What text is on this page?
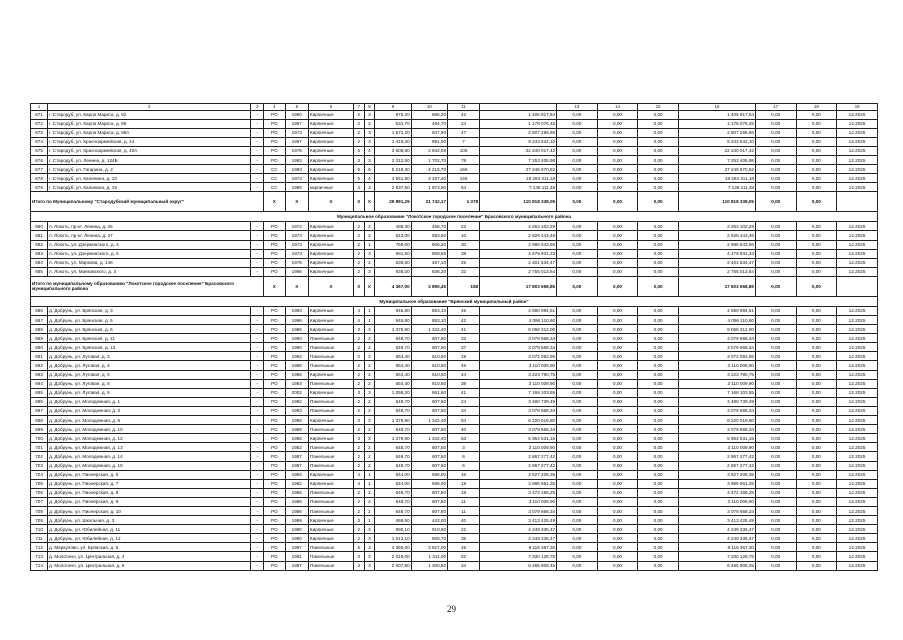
1	2	3	4	5	6	7	8	9	10	11		13	14	15	16	17	18	19
671	г. Стародуб, ул. Карла Маркса, д. 92	-	РО	1980	Кирпичные	2	3	976,20	886,20	42	1 406 917,64	0,00	0,00	0,00	1 406 917,64	0,00	0,00	12.2025
672	г. Стародуб, ул. Карла Маркса, д. 96	-	РО	1967	Кирпичные	2	2	531,70	494,70	24	1 178 076,45	0,00	0,00	0,00	1 178 076,45	0,00	0,00	12.2025
673	г. Стародуб, ул. Карла Маркса, д. 98А	-	РО	1973	Кирпичные	2	3	1 572,20	847,90	47	2 807 286,66	0,00	0,00	0,00	2 807 286,66	0,00	0,00	12.2025
674	г. Стародуб, ул. Красноармейская, д. 24	-	РО	1967	Кирпичные	2	3	1 419,20	891,00	7	9 243 642,10	0,00	0,00	0,00	9 243 642,10	0,00	0,00	12.2025
675	г. Стародуб, ул. Красноармейская, д. 40А	-	РО	1975	Кирпичные	5	4	3 508,80	2 842,08	105	22 240 017,42	0,00	0,00	0,00	22 240 017,42	0,00	0,00	12.2025
676	г. Стародуб, ул. Ленина, д. 124Б	-	РО	1993	Кирпичные	3	3	2 312,50	1 702,70	78	7 253 405,98	0,00	0,00	0,00	7 253 405,98	0,00	0,00	12.2025
677	г. Стародуб, ул. Гагарина, д. 2	-	СС	1993	Кирпичные	5	6	5 218,30	4 215,70	166	27 246 970,52	0,00	0,00	0,00	27 246 970,52	0,00	0,00	12.2025
678	г. Стародуб, ул. Калинина, д. 10	-	СС	1973	Кирпичные	5	4	4 551,90	3 337,40	148	18 284 311,18	0,00	0,00	0,00	18 284 311,18	0,00	0,00	12.2025
679	г. Стародуб, ул. Калинина, д. 19	-	СС	1986	кирпичные	4	3	2 537,50	1 973,50	84	7 135 111,48	0,00	0,00	0,00	7 135 111,48	0,00	0,00	12.2025
Итого по Муниципальному "Стародубский муниципальный округ"			Х	Х	Х	Х	Х	29 891,29	21 742,17	1 378	110 818 338,05	0,00	0,00	0,00	110 818 338,05	0,00	0,00	
Муниципальное образование "Локотское городское поселение" Брасовского муниципального района																		
680	п. Локоть, пр-кт. Ленина, д. 25	-	РО	1972	Кирпичные	2	2	498,30	468,70	23	2 252 102,29	0,00	0,00	0,00	2 252 102,29	0,00	0,00	12.2025
681	п. Локоть, пр-кт. Ленина, д. 27	-	РО	1973	Кирпичные	2	2	643,00	593,50	10	2 926 443,46	0,00	0,00	0,00	2 926 443,46	0,00	0,00	12.2025
682	п. Локоть, ул. Дзержинского, д. 4	-	РО	1973	Кирпичные	2	1	759,00	606,30	30	2 986 643,66	0,00	0,00	0,00	2 986 643,66	0,00	0,00	12.2025
683	п. Локоть, ул. Дзержинского, д. 5	-	РО	1973	Кирпичные	2	3	991,50	908,65	38	4 479 931,33	0,00	0,00	0,00	4 479 931,33	0,00	0,00	12.2025
684	п. Локоть, ул. Маркова, д. 148	-	РО	1975	Кирпичные	2	2	539,50	487,10	25	2 401 534,47	0,00	0,00	0,00	2 401 534,47	0,00	0,00	12.2025
685	п. Локоть, ул. Маяковского, д. 3	-	РО	1986	Кирпичные	2	3	935,00	836,20	32	2 755 013,64	0,00	0,00	0,00	2 755 013,64	0,00	0,00	12.2025
Итого по муниципальному образованию "Локотское городское поселение" Брасовского муниципального района			Х	Х	Х	Х	Х	4 367,00	3 890,45	158	17 803 668,85	0,00	0,00	0,00	17 803 668,85	0,00	0,00	
Муниципальное образование "Брянский муниципальный район"																		
686	д. Добрунь, ул. Брянская, д. 3	-	РО	1993	Кирпичные	4	1	945,80	853,10	45	4 680 994,51	0,00	0,00	0,00	4 680 994,51	0,00	0,00	12.2025
687	д. Добрунь, ул. Брянская, д. 5	-	РО	1996	Кирпичные	4	1	945,80	853,10	42	4 096 110,60	0,00	0,00	0,00	4 096 110,60	0,00	0,00	12.2025
688	д. Добрунь, ул. Брянская, д. 6	-	РО	1986	Кирпичные	3	3	1 379,90	1 342,40	41	6 068 312,00	0,00	0,00	0,00	6 068 312,00	0,00	0,00	12.2025
689	д. Добрунь, ул. Брянская, д. 11	-	РО	1990	Панельные	2	2	648,70	607,50	33	3 079 668,34	0,00	0,00	0,00	3 079 668,34	0,00	0,00	12.2025
690	д. Добрунь, ул. Брянская, д. 13	-	РО	1990	Панельные	2	2	648,70	607,50	37	3 079 668,34	0,00	0,00	0,00	3 079 668,34	0,00	0,00	12.2025
691	д. Добрунь, ул. Луговая, д. 3	-	РО	1994	Панельные	2	2	654,40	610,50	19	3 072 082,95	0,00	0,00	0,00	3 072 082,95	0,00	0,00	12.2025
692	д. Добрунь, ул. Луговая, д. 4	-	РО	1988	Панельные	2	2	654,40	610,50	45	3 110 009,90	0,00	0,00	0,00	3 110 009,90	0,00	0,00	12.2025
693	д. Добрунь, ул. Луговая, д. 5	-	РО	1996	Кирпичные	2	2	654,40	610,50	44	3 223 790,75	0,00	0,00	0,00	3 223 790,75	0,00	0,00	12.2025
694	д. Добрунь, ул. Луговая, д. 6	-	РО	1993	Панельные	2	2	654,40	610,50	38	3 110 009,90	0,00	0,00	0,00	3 110 009,90	0,00	0,00	12.2025
695	д. Добрунь, ул. Луговая, д. 9	-	РО	2002	Кирпичные	3	3	1 058,20	961,60	41	7 168 103,55	0,00	0,00	0,00	7 168 103,55	0,00	0,00	12.2025
696	д. Добрунь, ул. Молодежная, д. 1	-	РО	1982	Панельные	2	2	648,70	607,50	24	3 480 739,49	0,00	0,00	0,00	3 480 739,49	0,00	0,00	12.2025
697	д. Добрунь, ул. Молодежная, д. 3	-	РО	1983	Панельные	2	2	648,70	607,50	34	3 079 668,34	0,00	0,00	0,00	3 079 668,34	0,00	0,00	12.2025
698	д. Добрунь, ул. Молодежная, д. 8	-	РО	1988	Кирпичные	3	3	1 379,90	1 342,40	84	6 220 019,80	0,00	0,00	0,00	6 220 019,80	0,00	0,00	12.2025
699	д. Добрунь, ул. Молодежная, д. 10	-	РО	1989	Панельные	2	2	648,70	607,50	40	3 079 668,34	0,00	0,00	0,00	3 079 668,34	0,00	0,00	12.2025
700	д. Добрунь, ул. Молодежная, д. 12	-	РО	1988	Кирпичные	3	3	1 379,90	1 342,40	63	5 954 531,15	0,00	0,00	0,00	5 954 531,15	0,00	0,00	12.2025
701	д. Добрунь, ул. Молодежная, д. 13	-	РО	1982	Панельные	2	2	648,70	607,50	3	3 110 009,90	0,00	0,00	0,00	3 110 009,90	0,00	0,00	12.2025
702	д. Добрунь, ул. Молодежная, д. 14	-	РО	1987	Панельные	2	2	648,70	607,50	6	2 867 277,42	0,00	0,00	0,00	2 867 277,42	0,00	0,00	12.2025
703	д. Добрунь, ул. Молодежная, д. 15	-	РО	1987	Панельные	2	2	648,70	607,50	6	2 867 277,42	0,00	0,00	0,00	2 867 277,42	0,00	0,00	12.2025
704	д. Добрунь, ул. Пионерская, д. 5	-	РО	1984	Кирпичные	4	1	644,00	596,00	16	3 527 206,35	0,00	0,00	0,00	3 527 206,35	0,00	0,00	12.2025
705	д. Добрунь, ул. Пионерская, д. 7	-	РО	1982	Кирпичные	4	1	644,00	596,00	19	3 986 561,25	0,00	0,00	0,00	3 986 561,25	0,00	0,00	12.2025
706	д. Добрунь, ул. Пионерская, д. 8	-	РО	1986	Панельные	2	2	648,70	607,50	18	3 472 166,25	0,00	0,00	0,00	3 472 166,25	0,00	0,00	12.2025
707	д. Добрунь, ул. Пионерская, д. 9	-	РО	1986	Панельные	2	2	648,70	607,50	11	3 110 009,90	0,00	0,00	0,00	3 110 009,90	0,00	0,00	12.2025
708	д. Добрунь, ул. Пионерская, д. 10	-	РО	1986	Панельные	2	2	648,70	607,50	11	3 079 668,34	0,00	0,00	0,00	3 079 668,34	0,00	0,00	12.2025
709	д. Добрунь, ул. Школьная, д. 3	-	РО	1999	Кирпичные	3	1	468,60	443,00	40	3 413 425,49	0,00	0,00	0,00	3 413 425,49	0,00	0,00	12.2025
710	д. Добрунь, ул. Юбилейная, д. 11	-	РО	1980	Кирпичные	2	3	990,10	910,50	22	4 249 335,47	0,00	0,00	0,00	4 249 335,47	0,00	0,00	12.2025
711	д. Добрунь, ул. Юбилейная, д. 12	-	РО	1980	Кирпичные	2	3	1 013,10	908,70	35	4 249 335,47	0,00	0,00	0,00	4 249 335,47	0,00	0,00	12.2025
712	д. Меркулово, ул. Брянская, д. 6	-	РО	1997	Панельные	5	3	4 365,00	3 627,00	45	8 116 367,30	0,00	0,00	0,00	8 116 367,30	0,00	0,00	12.2025
713	д. Молотино, ул. Центральная, д. 4	-	РО	1981	Панельные	3	3	2 018,00	1 311,00	52	7 330 128,75	0,00	0,00	0,00	7 330 128,75	0,00	0,00	12.2025
714	д. Молотино, ул. Центральная, д. 6	-	РО	1987	Панельные	3	3	2 007,80	1 300,80	34	6 485 908,45	0,00	0,00	0,00	6 485 908,45	0,00	0,00	12.2025
29
